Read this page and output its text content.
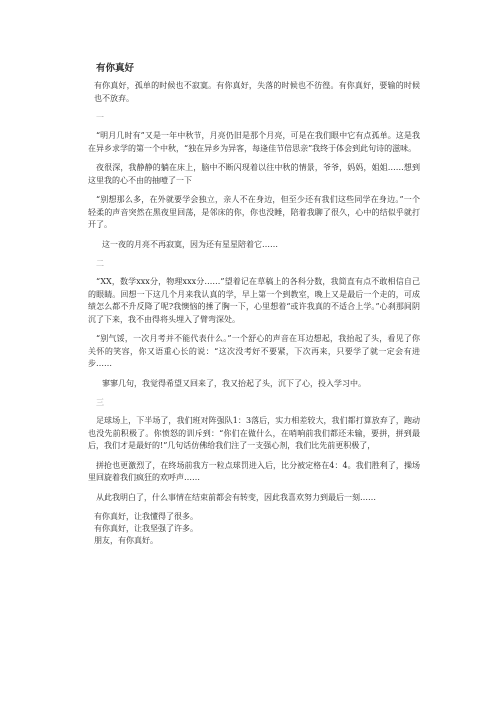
有你真好

有你真好，孤单的时候也不寂寞。有你真好，失落的时候也不彷徨。有你真好，要输的时候也不放弃。

一

“明月几时有”又是一年中秋节，月亮仍旧是那个月亮，可是在我们眼中它有点孤单。这是我在异乡求学的第一个中秋，“独在异乡为异客，每逢佳节倍思亲”我终于体会到此句诗的滋味。

夜很深，我静静的躺在床上，脑中不断闪现着以往中秋的情景，爷爷，妈妈，姐姐……想到这里我的心不由的抽噎了一下

“别想那么多，在外就要学会独立，亲人不在身边，但至少还有我们这些同学在身边。”一个轻柔的声音突然在黑夜里回荡，是邻床的你，你也没睡，陪着我聊了很久，心中的结似乎就打开了。

这一夜的月亮不再寂寞，因为还有星星陪着它……

二

“XX，数学xxx分，物理xxx分……”望着记在草稿上的各科分数，我简直有点不敢相信自己的眼睛。回想一下这几个月来我认真的学，早上第一个到教室，晚上又是最后一个走的，可成绩怎么都不升反降了呢?我懊恼的捶了胸一下，心里想着“或许我真的不适合上学。”心刹那间阴沉了下来，我不由得将头埋入了臂弯深处。

“别气馁，一次月考并不能代表什么。”一个舒心的声音在耳边想起，我抬起了头，看见了你关怀的笑容，你又语重心长的说：“这次没考好不要紧，下次再来，只要学了就一定会有进步……

寥寥几句，我觉得希望又回来了，我又抬起了头，沉下了心，投入学习中。

三

足球场上，下半场了，我们班对阵强队1：3落后，实力相差较大，我们都打算放弃了，跑动也没先前积极了。你愤怒的训斥到：“你们在做什么，在哨响前我们都还未输，要拼，拼到最后，我们才是最好的!”几句话仿佛给我们注了一支强心剂，我们比先前更积极了，

拼抢也更激烈了，在终场前我方一粒点球罚进入后，比分被定格在4：4。我们胜利了，操场里回旋着我们疯狂的欢呼声……

从此我明白了，什么事情在结束前都会有转变，因此我喜欢努力到最后一刻……

有你真好，让我懂得了很多。
有你真好，让我坚强了许多。
朋友，有你真好。
